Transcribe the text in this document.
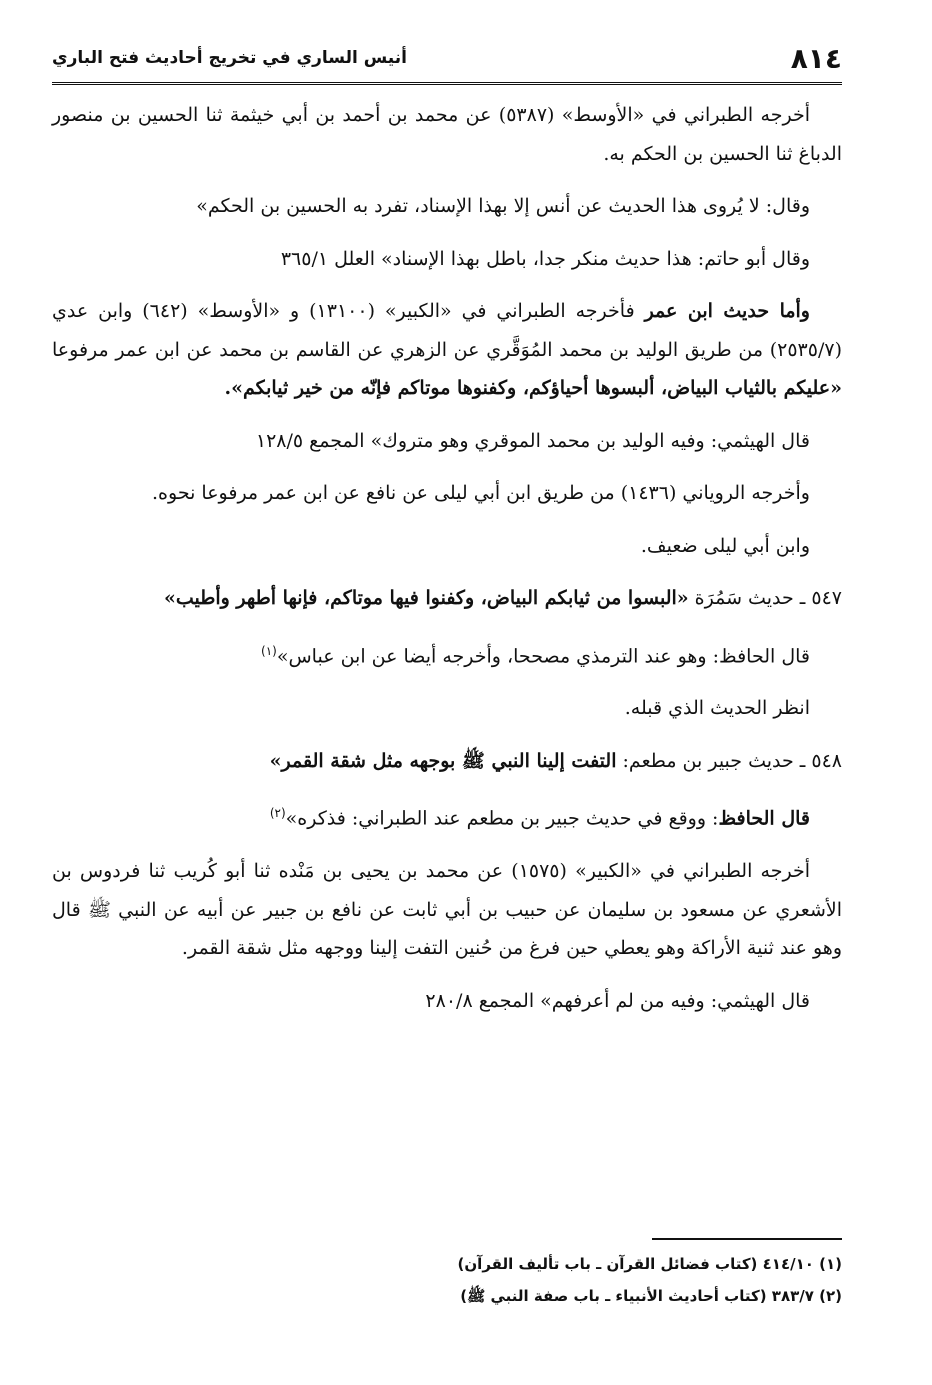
٨١٤
أنيس الساري في تخريج أحاديث فتح الباري

أخرجه الطبراني في «الأوسط» (٥٣٨٧) عن محمد بن أحمد بن أبي خيثمة ثنا الحسين بن منصور الدباغ ثنا الحسين بن الحكم به.

وقال: لا يُروى هذا الحديث عن أنس إلا بهذا الإسناد، تفرد به الحسين بن الحكم»

وقال أبو حاتم: هذا حديث منكر جدا، باطل بهذا الإسناد» العلل ٣٦٥/١

وأما حديث ابن عمر فأخرجه الطبراني في «الكبير» (١٣١٠٠) و «الأوسط» (٦٤٢) وابن عدي (٢٥٣٥/٧) من طريق الوليد بن محمد المُوَقَّري عن الزهري عن القاسم بن محمد عن ابن عمر مرفوعا «عليكم بالثياب البياض، ألبسوها أحياؤكم، وكفنوها موتاكم فإنّه من خير ثيابكم».

قال الهيثمي: وفيه الوليد بن محمد الموقري وهو متروك» المجمع ١٢٨/٥

وأخرجه الروياني (١٤٣٦) من طريق ابن أبي ليلى عن نافع عن ابن عمر مرفوعا نحوه.

وابن أبي ليلى ضعيف.

٥٤٧ ـ حديث سَمُرَة «البسوا من ثيابكم البياض، وكفنوا فيها موتاكم، فإنها أطهر وأطيب»

قال الحافظ: وهو عند الترمذي مصححا، وأخرجه أيضا عن ابن عباس»$^{(١)}$

انظر الحديث الذي قبله.

٥٤٨ ـ حديث جبير بن مطعم: التفت إلينا النبي ﷺ بوجهه مثل شقة القمر»

قال الحافظ: ووقع في حديث جبير بن مطعم عند الطبراني: فذكره»$^{(٢)}$

أخرجه الطبراني في «الكبير» (١٥٧٥) عن محمد بن يحيى بن مَنْده ثنا أبو كُريب ثنا فردوس بن الأشعري عن مسعود بن سليمان عن حبيب بن أبي ثابت عن نافع بن جبير عن أبيه عن النبي ﷺ قال وهو عند ثنية الأراكة وهو يعطي حين فرغ من حُنين التفت إلينا ووجهه مثل شقة القمر.

قال الهيثمي: وفيه من لم أعرفهم» المجمع ٢٨٠/٨

(١) ٤١٤/١٠ (كتاب فضائل القرآن ـ باب تأليف القرآن)
(٢) ٣٨٣/٧ (كتاب أحاديث الأنبياء ـ باب صفة النبي ﷺ)
